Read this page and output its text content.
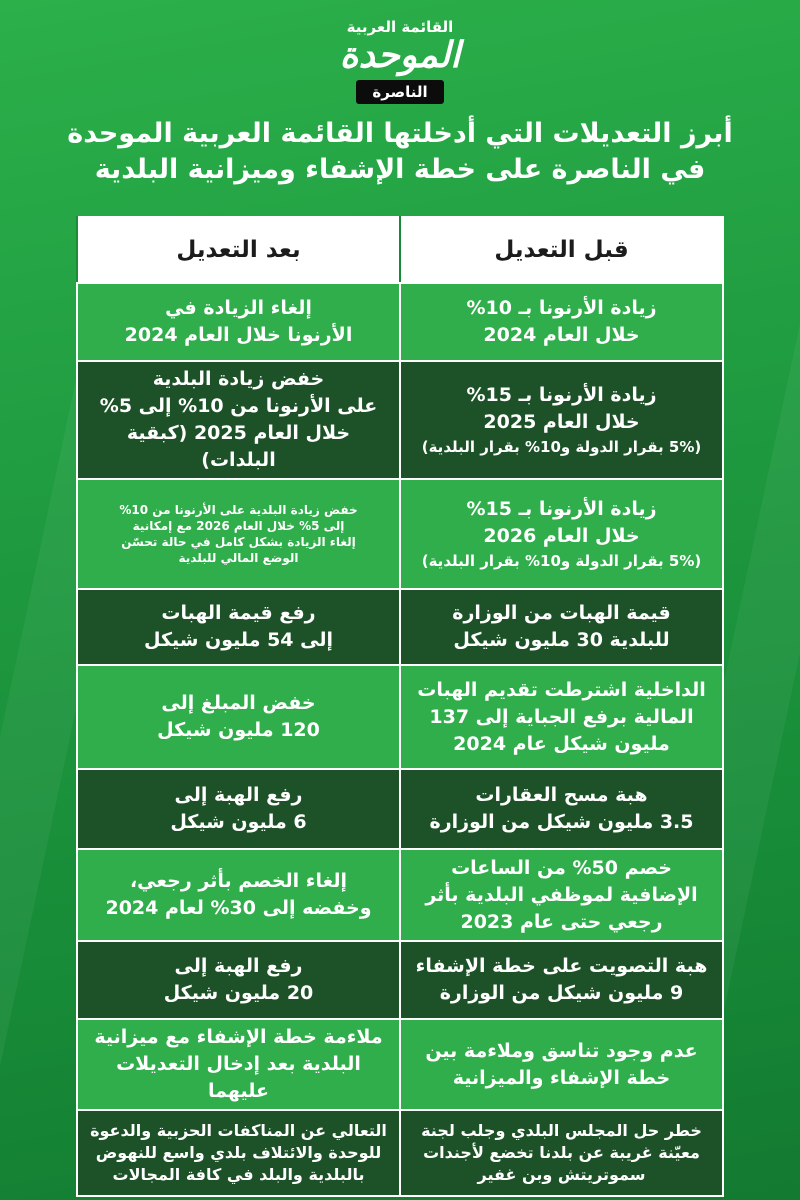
القائمة العربية
الموحدة
الناصرة
أبرز التعديلات التي أدخلتها القائمة العربية الموحدة
في الناصرة على خطة الإشفاء وميزانية البلدية
قبل التعديل	بعد التعديل

زيادة الأرنونا بـ 10%
خلال العام 2024	إلغاء الزيادة في
الأرنونا خلال العام 2024

زيادة الأرنونا بـ 15%
خلال العام 2025
(5% بقرار الدولة و10% بقرار البلدية)	خفض زيادة البلدية
على الأرنونا من 10% إلى 5%
خلال العام 2025 (كبقية البلدات)

زيادة الأرنونا بـ 15%
خلال العام 2026
(5% بقرار الدولة و10% بقرار البلدية)	خفض زيادة البلدية على الأرنونا من 10%
إلى 5% خلال العام 2026 مع إمكانية
إلغاء الزيادة بشكل كامل في حالة تحسّن
الوضع المالي للبلدية

قيمة الهبات من الوزارة
للبلدية 30 مليون شيكل	رفع قيمة الهبات
إلى 54 مليون شيكل

الداخلية اشترطت تقديم الهبات
المالية برفع الجباية إلى 137
مليون شيكل عام 2024	خفض المبلغ إلى
120 مليون شيكل

هبة مسح العقارات
3.5 مليون شيكل من الوزارة	رفع الهبة إلى
6 مليون شيكل

خصم 50% من الساعات
الإضافية لموظفي البلدية بأثر
رجعي حتى عام 2023	إلغاء الخصم بأثر رجعي،
وخفضه إلى 30% لعام 2024

هبة التصويت على خطة الإشفاء
9 مليون شيكل من الوزارة	رفع الهبة إلى
20 مليون شيكل

عدم وجود تناسق وملاءمة بين
خطة الإشفاء والميزانية	ملاءمة خطة الإشفاء مع ميزانية
البلدية بعد إدخال التعديلات عليهما

خطر حل المجلس البلدي وجلب لجنة
معيّنة غريبة عن بلدنا تخضع لأجندات
سموتريتش وبن غفير	التعالي عن المناكفات الحزبية والدعوة
للوحدة والائتلاف بلدي واسع للنهوض
بالبلدية والبلد في كافة المجالات
